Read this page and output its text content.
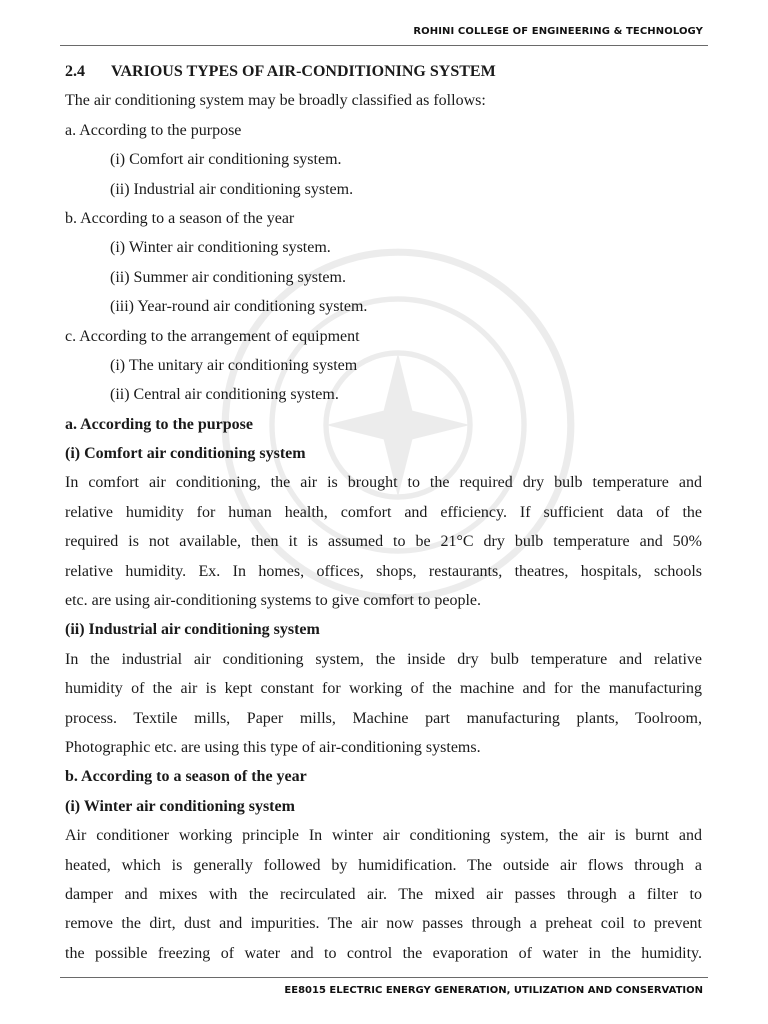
ROHINI COLLEGE OF ENGINEERING & TECHNOLOGY
2.4 VARIOUS TYPES OF AIR-CONDITIONING SYSTEM
The air conditioning system may be broadly classified as follows:
a. According to the purpose
(i) Comfort air conditioning system.
(ii) Industrial air conditioning system.
b. According to a season of the year
(i) Winter air conditioning system.
(ii) Summer air conditioning system.
(iii) Year-round air conditioning system.
c. According to the arrangement of equipment
(i) The unitary air conditioning system
(ii) Central air conditioning system.
a. According to the purpose
(i) Comfort air conditioning system
In comfort air conditioning, the air is brought to the required dry bulb temperature and
relative humidity for human health, comfort and efficiency. If sufficient data of the
required is not available, then it is assumed to be 21°C dry bulb temperature and 50%
relative humidity. Ex. In homes, offices, shops, restaurants, theatres, hospitals, schools
etc. are using air-conditioning systems to give comfort to people.
(ii) Industrial air conditioning system
In the industrial air conditioning system, the inside dry bulb temperature and relative
humidity of the air is kept constant for working of the machine and for the manufacturing
process. Textile mills, Paper mills, Machine part manufacturing plants, Toolroom,
Photographic etc. are using this type of air-conditioning systems.
b. According to a season of the year
(i) Winter air conditioning system
Air conditioner working principle In winter air conditioning system, the air is burnt and
heated, which is generally followed by humidification. The outside air flows through a
damper and mixes with the recirculated air. The mixed air passes through a filter to
remove the dirt, dust and impurities. The air now passes through a preheat coil to prevent
the possible freezing of water and to control the evaporation of water in the humidity.
EE8015 ELECTRIC ENERGY GENERATION, UTILIZATION AND CONSERVATION
